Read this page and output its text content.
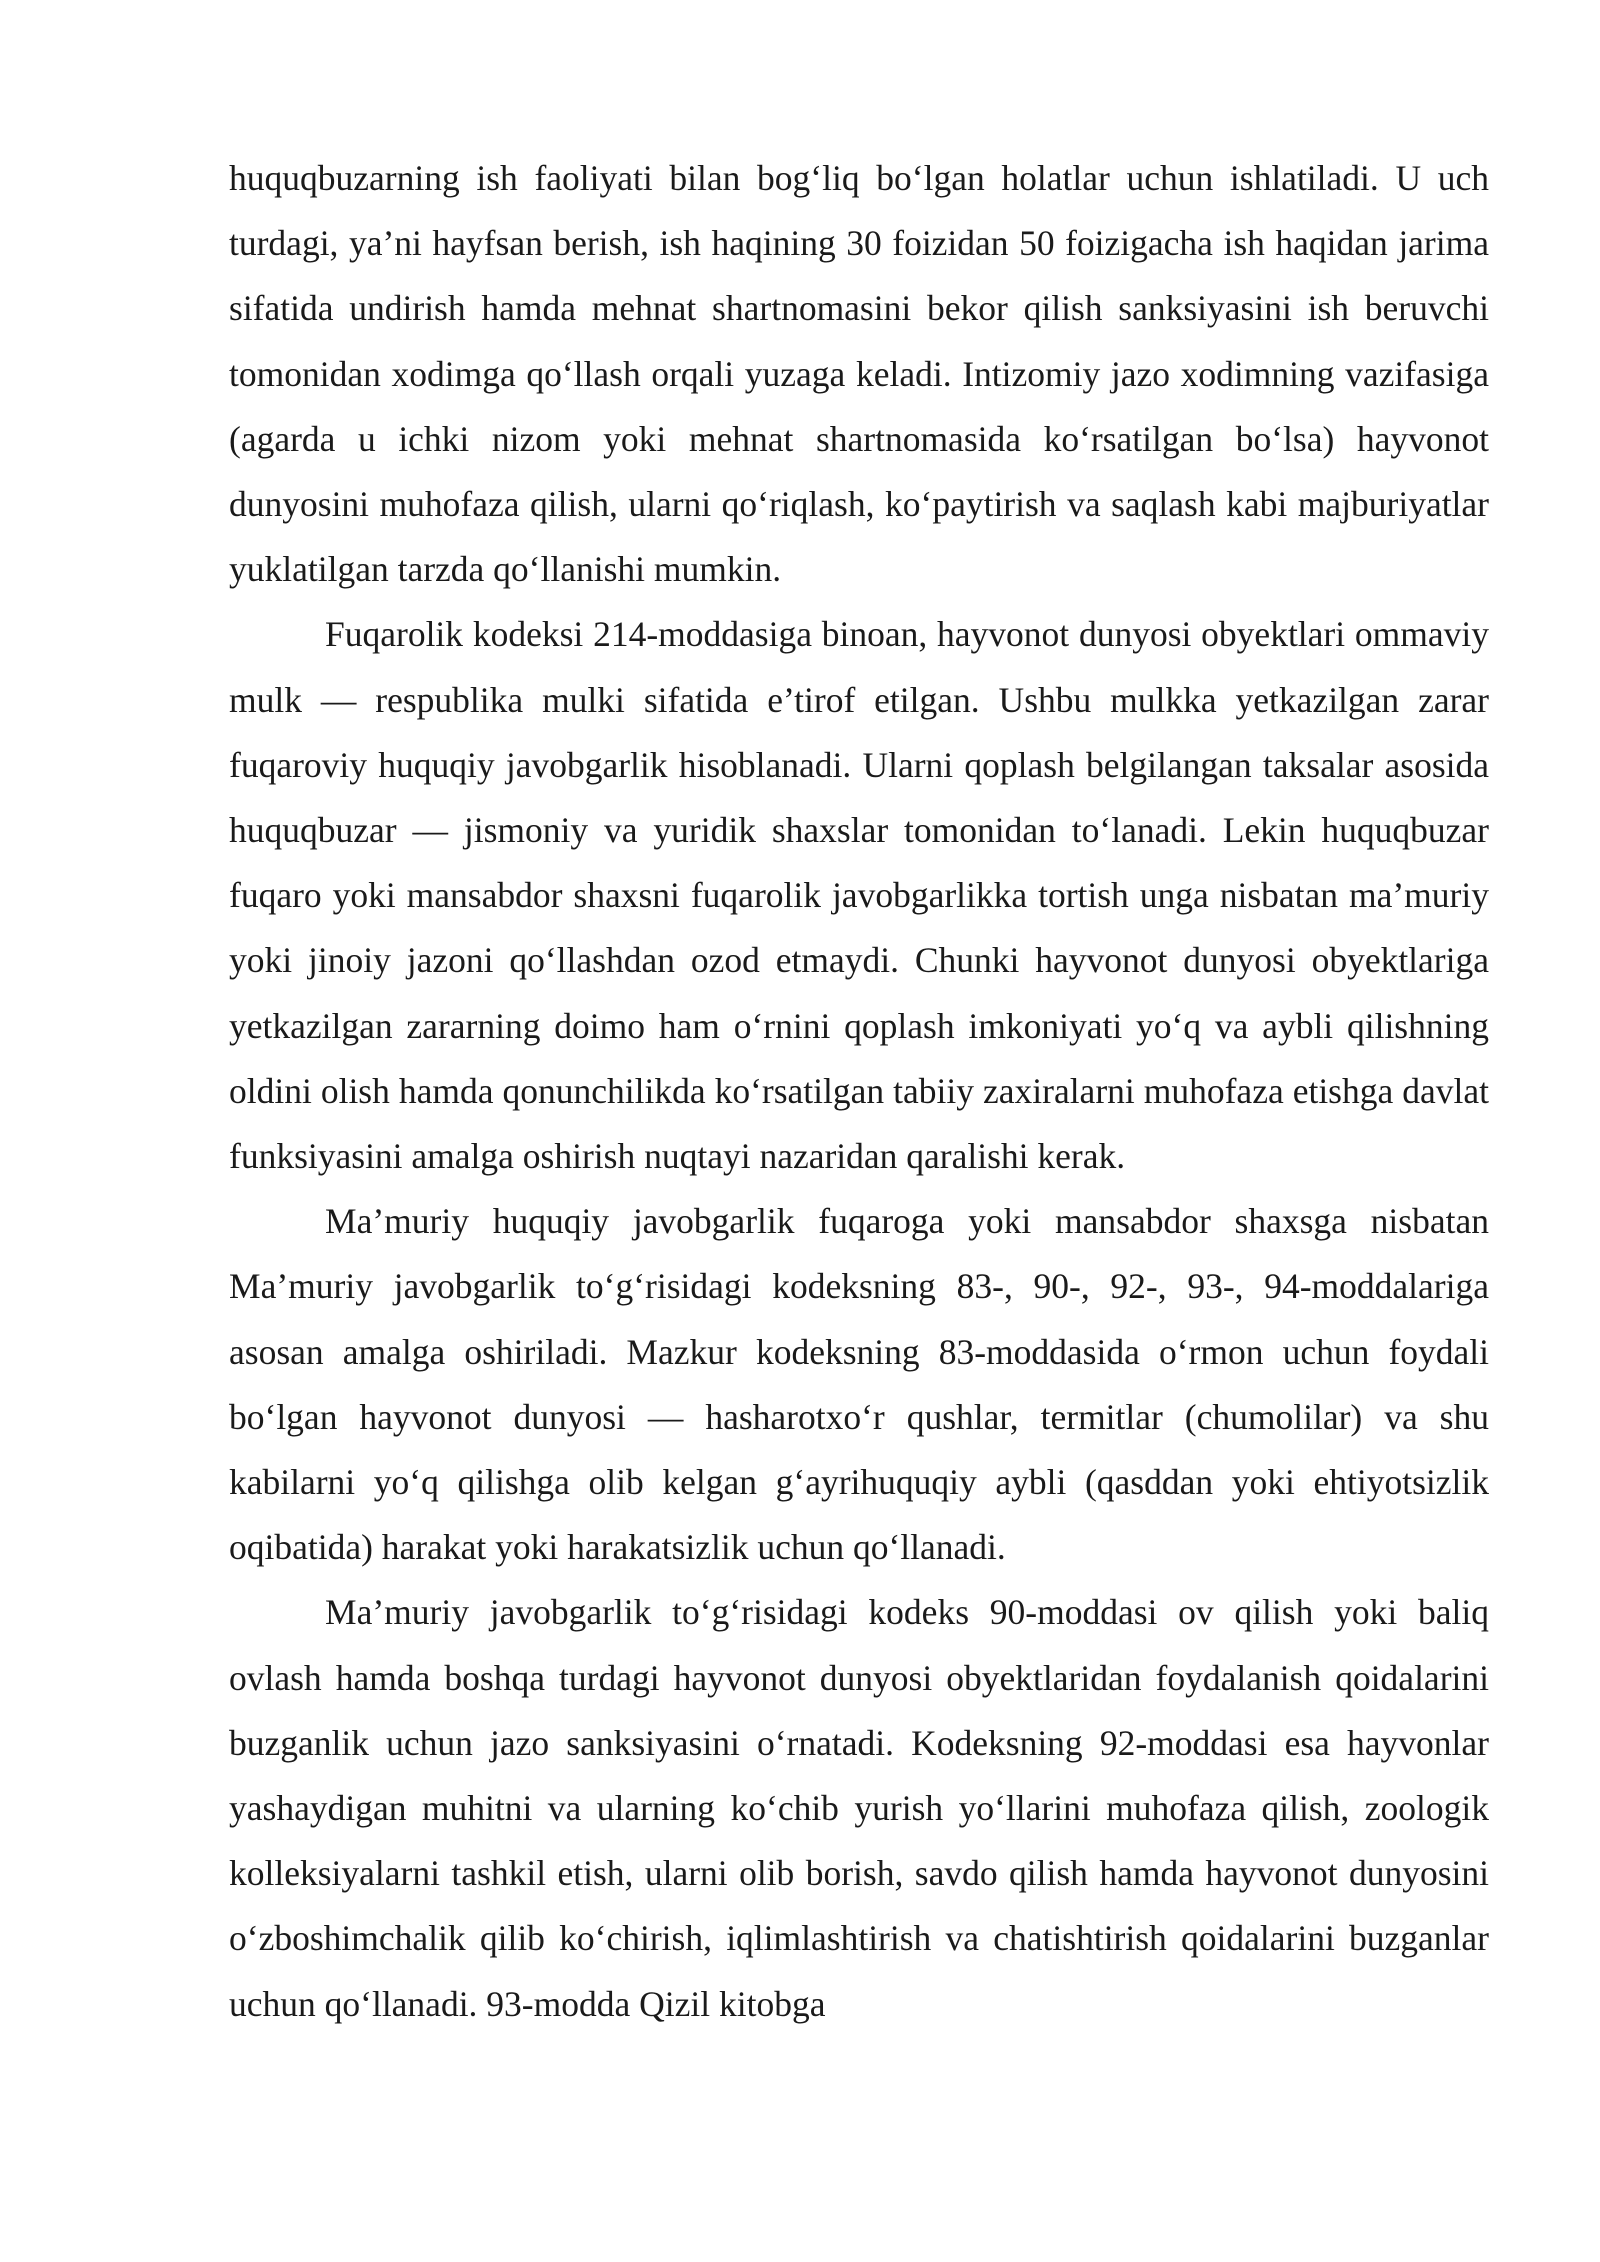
huquqbuzarning ish faoliyati bilan bog‘liq bo‘lgan holatlar uchun ishlatiladi. U uch turdagi, ya’ni hayfsan berish, ish haqining 30 foizidan 50 foizigacha ish haqidan jarima sifatida undirish hamda mehnat shartnomasini bekor qilish sanksiyasini ish beruvchi tomonidan xodimga qo‘llash orqali yuzaga keladi. Intizomiy jazo xodimning vazifasiga (agarda u ichki nizom yoki mehnat shartnomasida ko‘rsatilgan bo‘lsa) hayvonot dunyosini muhofaza qilish, ularni qo‘riqlash, ko‘paytirish va saqlash kabi majburiyatlar yuklatilgan tarzda qo‘llanishi mumkin.

Fuqarolik kodeksi 214-moddasiga binoan, hayvonot dunyosi obyektlari ommaviy mulk — respublika mulki sifatida e’tirof etilgan. Ushbu mulkka yetkazilgan zarar fuqaroviy huquqiy javobgarlik hisoblanadi. Ularni qoplash belgilangan taksalar asosida huquqbuzar — jismoniy va yuridik shaxslar tomonidan to‘lanadi. Lekin huquqbuzar fuqaro yoki mansabdor shaxsni fuqarolik javobgarlikka tortish unga nisbatan ma’muriy yoki jinoiy jazoni qo‘llashdan ozod etmaydi. Chunki hayvonot dunyosi obyektlariga yetkazilgan zararning doimo ham o‘rnini qoplash imkoniyati yo‘q va aybli qilishning oldini olish hamda qonunchilikda ko‘rsatilgan tabiiy zaxiralarni muhofaza etishga davlat funksiyasini amalga oshirish nuqtayi nazaridan qaralishi kerak.

Ma’muriy huquqiy javobgarlik fuqaroga yoki mansabdor shaxsga nisbatan Ma’muriy javobgarlik to‘g‘risidagi kodeksning 83-, 90-, 92-, 93-, 94-moddalariga asosan amalga oshiriladi. Mazkur kodeksning 83-moddasida o‘rmon uchun foydali bo‘lgan hayvonot dunyosi — hasharotxo‘r qushlar, termitlar (chumolilar) va shu kabilarni yo‘q qilishga olib kelgan g‘ayrihuquqiy aybli (qasddan yoki ehtiyotsizlik oqibatida) harakat yoki harakatsizlik uchun qo‘llanadi.

Ma’muriy javobgarlik to‘g‘risidagi kodeks 90-moddasi ov qilish yoki baliq ovlash hamda boshqa turdagi hayvonot dunyosi obyektlaridan foydalanish qoidalarini buzganlik uchun jazo sanksiyasini o‘rnatadi. Kodeksning 92-moddasi esa hayvonlar yashaydigan muhitni va ularning ko‘chib yurish yo‘llarini muhofaza qilish, zoologik kolleksiyalarni tashkil etish, ularni olib borish, savdo qilish hamda hayvonot dunyosini o‘zboshimchalik qilib ko‘chirish, iqlimlashtirish va chatishtirish qoidalarini buzganlar uchun qo‘llanadi. 93-modda Qizil kitobga
